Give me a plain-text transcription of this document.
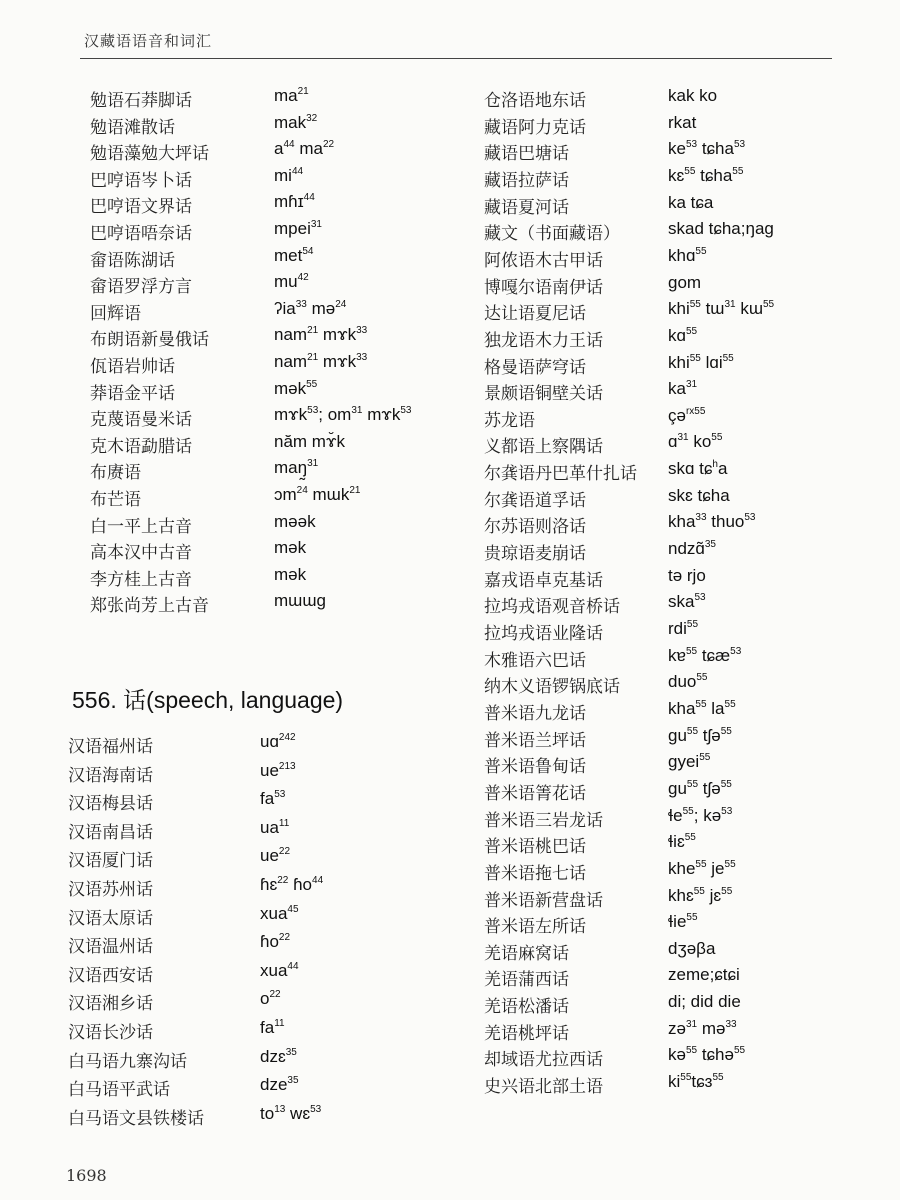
汉藏语语音和词汇
勉语石莽脚话	$ma^{21}$
勉语滩散话	mak$^{32}$
勉语藻勉大坪话	$a^{44}$ $ma^{22}$
巴哼语岑卜话	$mi^{44}$
巴哼语文界话	mɦɪ$^{44}$
巴哼语唔奈话	mpei$^{31}$
畲语陈湖话	met$^{54}$
畲语罗浮方言	$mu^{42}$
回辉语	ʔia$^{33}$ mə$^{24}$
布朗语新曼俄话	nam$^{21}$ mɤk$^{33}$
佤语岩帅话	nam$^{21}$ mɤk$^{33}$
莽语金平话	mək$^{55}$
克蔑语曼米话	mɤk$^{53}$; $om^{31}$ mɤk$^{53}$
克木语勐腊话	năm mɤ̆k
布赓语	maŋ̰$^{31}$
布芒语	ɔm$^{24}$ mɯk$^{21}$
白一平上古音	məək
高本汉中古音	mək
李方桂上古音	mək
郑张尚芳上古音	mɯɯɡ
556. 话(speech, language)
汉语福州话	uɑ$^{242}$
汉语海南话	$ue^{213}$
汉语梅县话	$fa^{53}$
汉语南昌话	$ua^{11}$
汉语厦门话	$ue^{22}$
汉语苏州话	ɦɛ$^{22}$ ɦo$^{44}$
汉语太原话	xua$^{45}$
汉语温州话	ɦo$^{22}$
汉语西安话	xua$^{44}$
汉语湘乡话	$o^{22}$
汉语长沙话	$fa^{11}$
白马语九寨沟话	dzɛ$^{35}$
白马语平武话	dze$^{35}$
白马语文县铁楼话	$to^{13}$ wɛ$^{53}$
仓洛语地东话	kak ko
藏语阿力克话	rkat
藏语巴塘话	$ke^{53}$ tɕha$^{53}$
藏语拉萨话	kɛ$^{55}$ tɕha$^{55}$
藏语夏河话	ka tɕa
藏文（书面藏语）	skad tɕha;ŋag
阿侬语木古甲话	khɑ$^{55}$
博嘎尔语南伊话	ɡom
达让语夏尼话	khi$^{55}$ tɯ$^{31}$ kɯ$^{55}$
独龙语木力王话	kɑ$^{55}$
格曼语萨穹话	khi$^{55}$ lɑi$^{55}$
景颇语铜壁关话	$ka^{31}$
苏龙语	çə$^{rx55}$
义都语上察隅话	ɑ$^{31}$ $ko^{55}$
尔龚语丹巴革什扎话 skɑ tɕ$^h$a
尔龚语道孚话	skɛ tɕha
尔苏语则洛话	kha$^{33}$ thuo$^{53}$
贵琼语麦崩话	ndzɑ̃$^{35}$
嘉戎语卓克基话	tə rjo
拉坞戎语观音桥话	ska$^{53}$
拉坞戎语业隆话	rdi$^{55}$
木雅语六巴话	kɐ$^{55}$ tɕæ$^{53}$
纳木义语锣锅底话	duo$^{55}$
普米语九龙话	kha$^{55}$ $la^{55}$
普米语兰坪话	ɡu$^{55}$ tʃə$^{55}$
普米语鲁甸话	ɡyei$^{55}$
普米语箐花话	ɡu$^{55}$ tʃə$^{55}$
普米语三岩龙话	ɬe$^{55}$; kə$^{53}$
普米语桃巴话	ɬiɛ$^{55}$
普米语拖七话	khe$^{55}$ $je^{55}$
普米语新营盘话	khɛ$^{55}$ jɛ$^{55}$
普米语左所话	ɬie$^{55}$
羌语麻窝话	dʒəβa
羌语蒲西话	zeme;ɕtɕi
羌语松潘话	di; did die
羌语桃坪话	zə$^{31}$ mə$^{33}$
却域语尤拉西话	kə$^{55}$ tɕhə$^{55}$
史兴语北部土语	$ki^{55}tɕɜ^{55}$
1698
